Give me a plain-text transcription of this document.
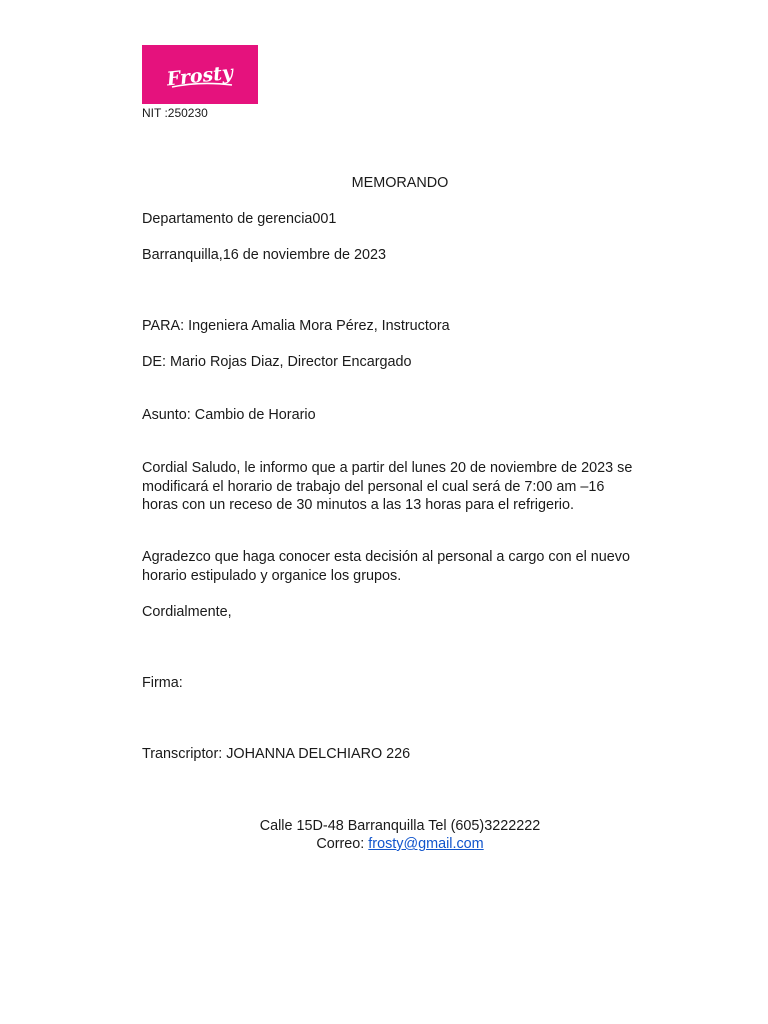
Frosty
NIT :250230
MEMORANDO
Departamento de gerencia001
Barranquilla,16 de noviembre de 2023
PARA: Ingeniera Amalia Mora Pérez, Instructora
DE: Mario Rojas Diaz, Director Encargado
Asunto: Cambio de Horario
Cordial Saludo, le informo que a partir del lunes 20 de noviembre de 2023 se
modificará el horario de trabajo del personal el cual será de 7:00 am –16
horas con un receso de 30 minutos a las 13 horas para el refrigerio.
Agradezco que haga conocer esta decisión al personal a cargo con el nuevo
horario estipulado y organice los grupos.
Cordialmente,
Firma:
Transcriptor: JOHANNA DELCHIARO 226
Calle 15D-48 Barranquilla Tel (605)3222222
Correo: frosty@gmail.com
